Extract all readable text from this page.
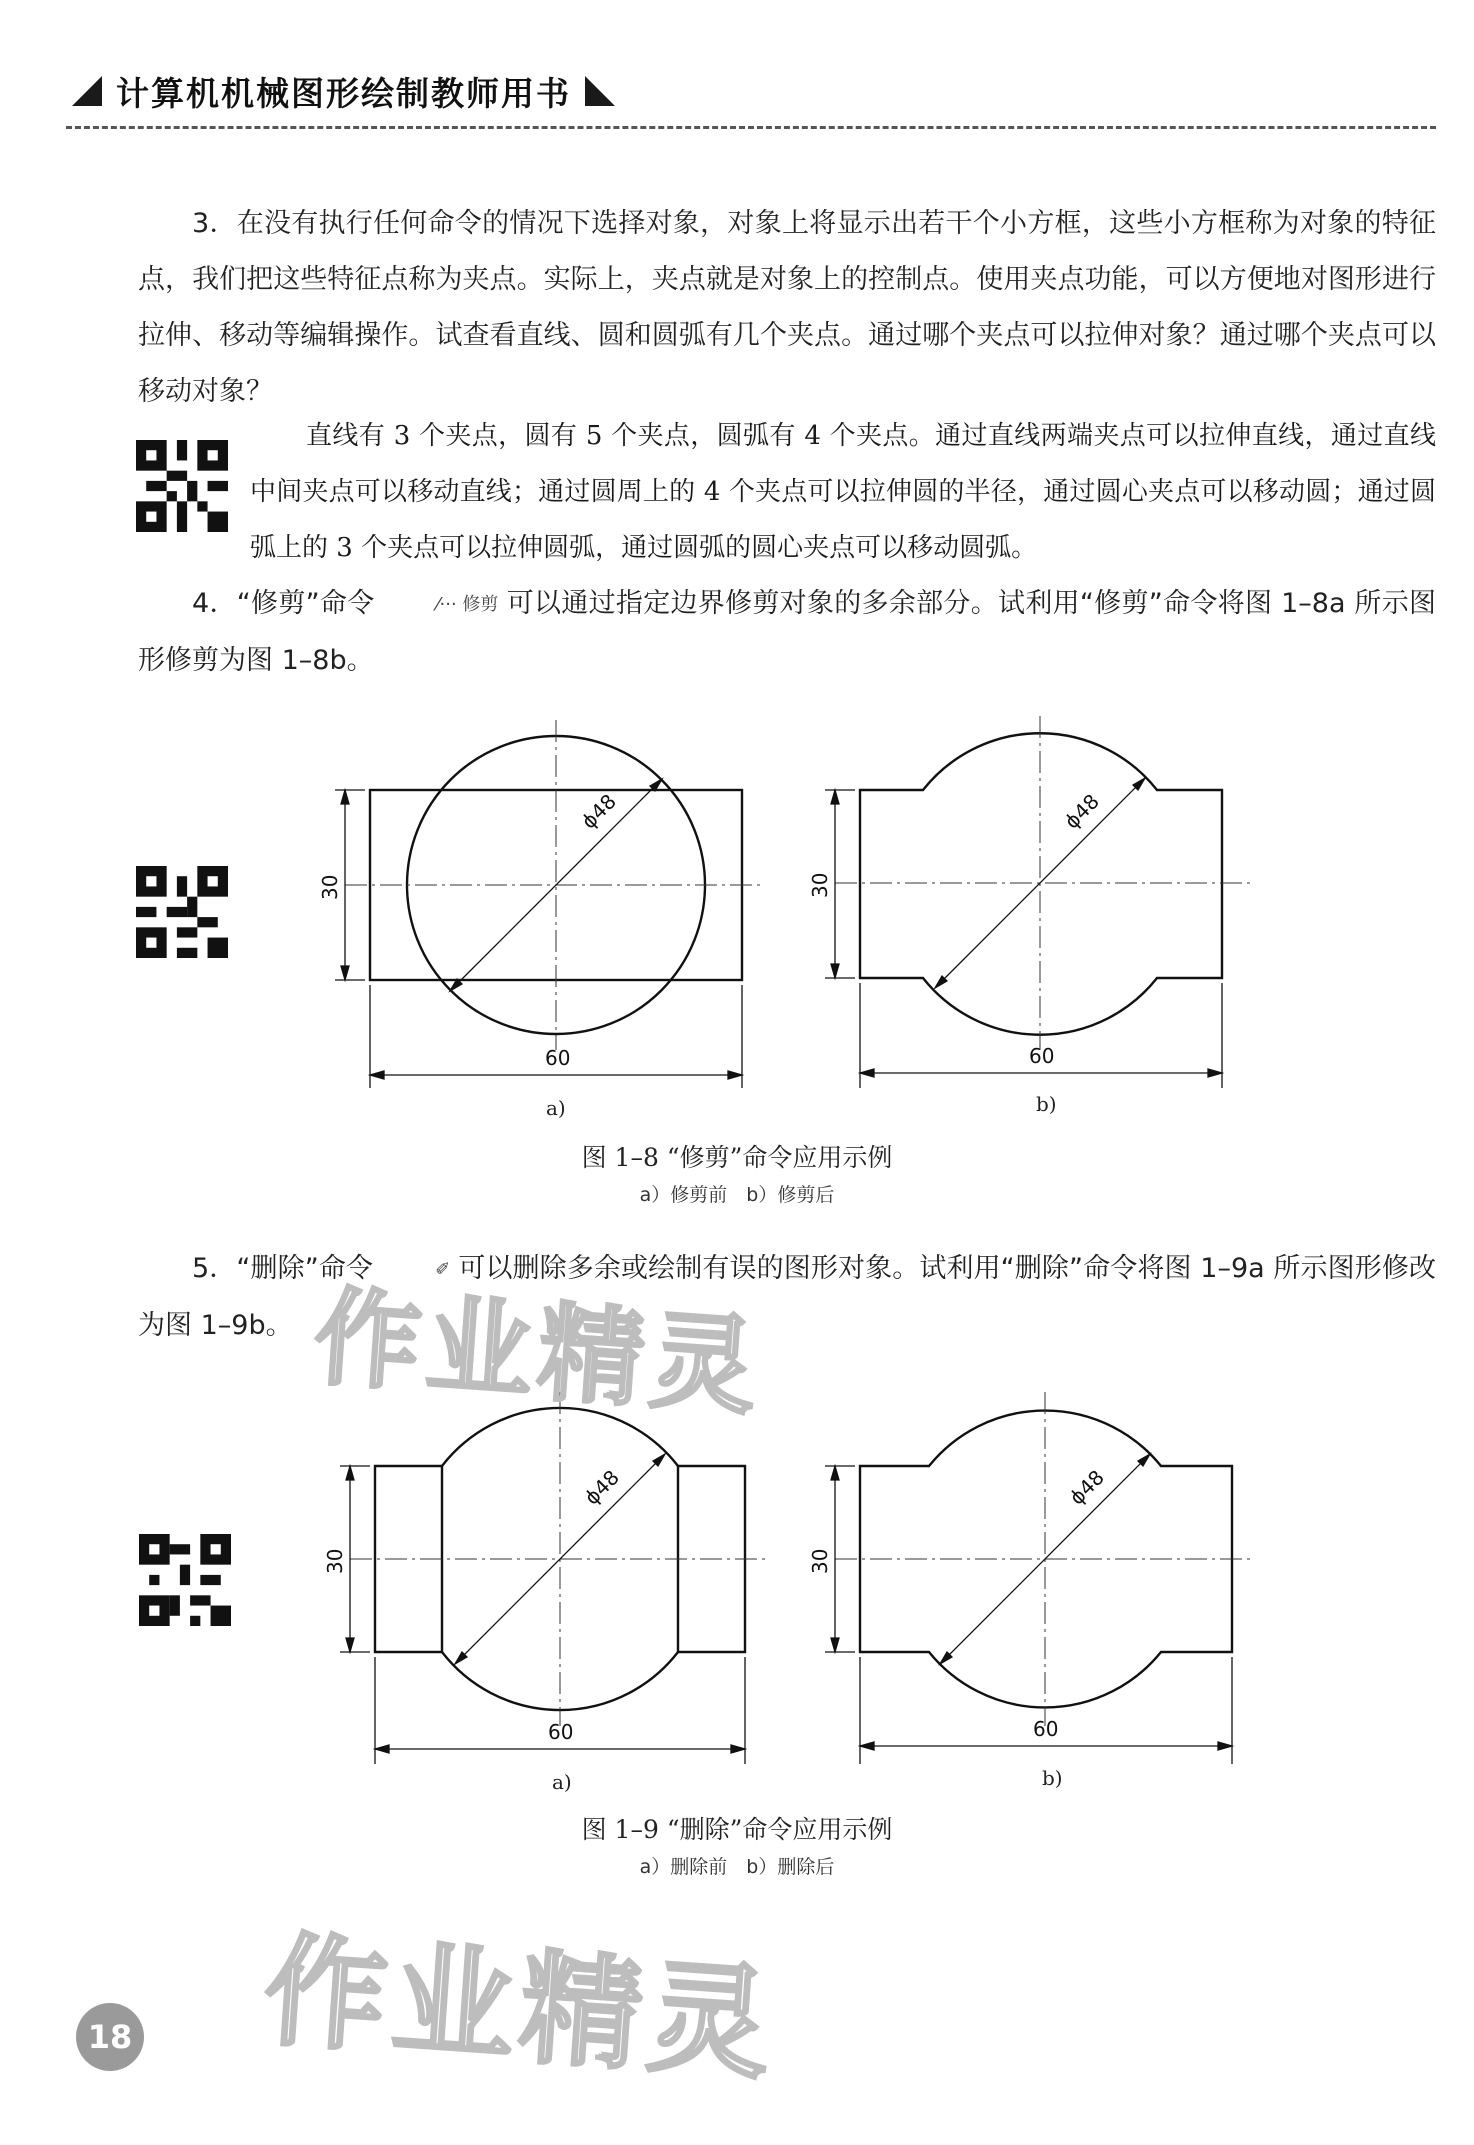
计算机机械图形绘制教师用书
3．在没有执行任何命令的情况下选择对象，对象上将显示出若干个小方框，这些小方框称为对象的特征点，我们把这些特征点称为夹点。实际上，夹点就是对象上的控制点。使用夹点功能，可以方便地对图形进行拉伸、移动等编辑操作。试查看直线、圆和圆弧有几个夹点。通过哪个夹点可以拉伸对象？通过哪个夹点可以移动对象？
直线有 3 个夹点，圆有 5 个夹点，圆弧有 4 个夹点。通过直线两端夹点可以拉伸直线，通过直线中间夹点可以移动直线；通过圆周上的 4 个夹点可以拉伸圆的半径，通过圆心夹点可以移动圆；通过圆弧上的 3 个夹点可以拉伸圆弧，通过圆弧的圆心夹点可以移动圆弧。
4．“修剪”命令	⁄··· 修剪 可以通过指定边界修剪对象的多余部分。试利用“修剪”命令将图 1–8a 所示图形修剪为图 1–8b。
ϕ48
30
60
ϕ48
30
60
a)	b)
图 1–8 “修剪”命令应用示例
a）修剪前　b）修剪后
5．“删除”命令	✐ 可以删除多余或绘制有误的图形对象。试利用“删除”命令将图 1–9a 所示图形修改为图 1–9b。
ϕ48
30
60
ϕ48
30
60
a)	b)
图 1–9 “删除”命令应用示例
a）删除前　b）删除后
作业精灵
作业精灵
18
